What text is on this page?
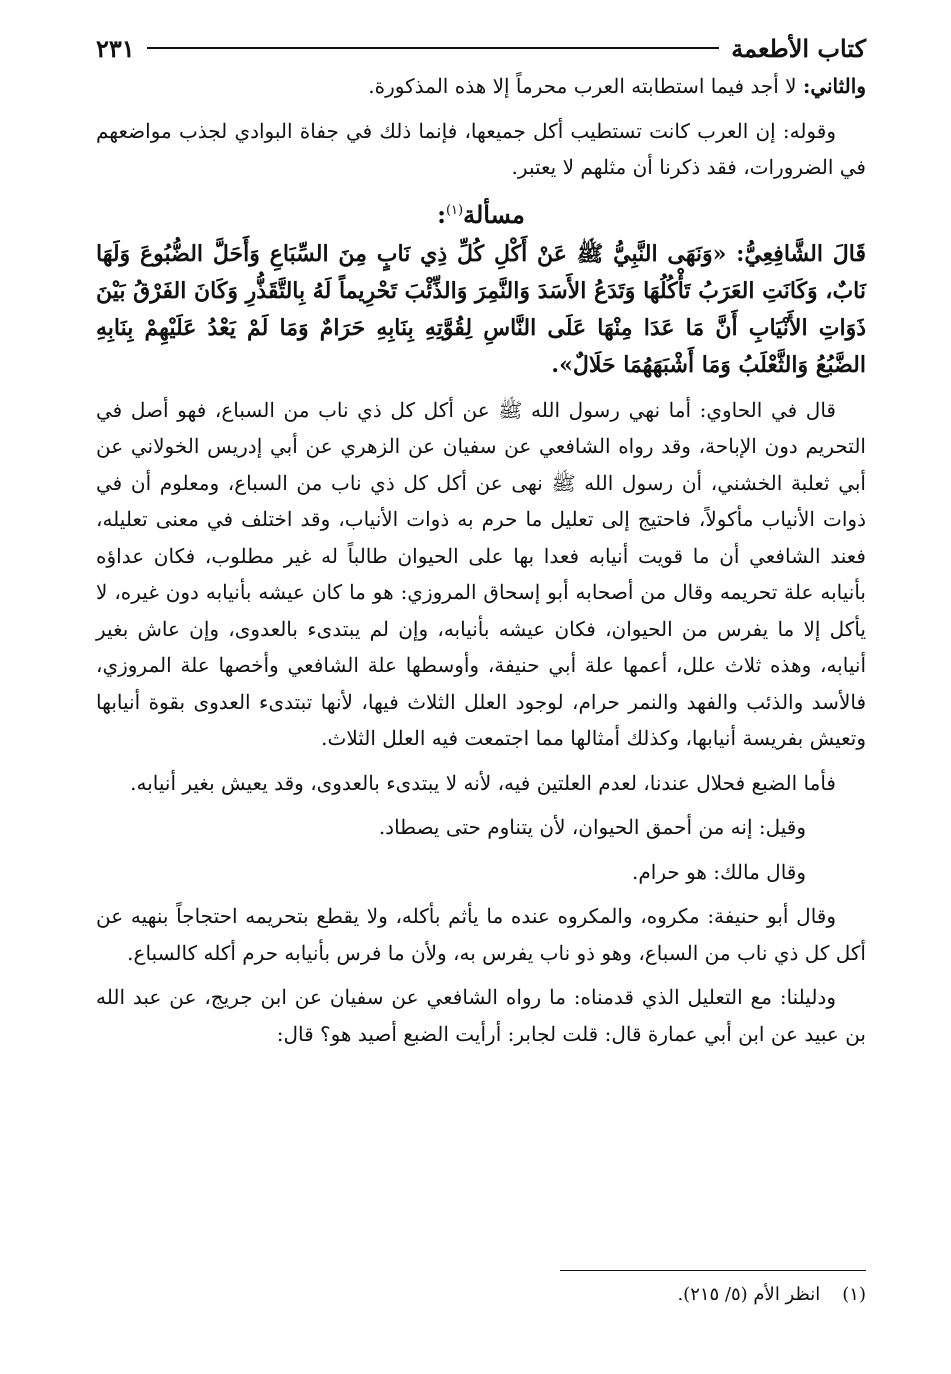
كتاب الأطعمة
٢٣١

والثاني: لا أجد فيما استطابته العرب محرماً إلا هذه المذكورة.

وقوله: إن العرب كانت تستطيب أكل جميعها، فإنما ذلك في جفاة البوادي لجذب مواضعهم في الضرورات، فقد ذكرنا أن مثلهم لا يعتبر.

مسألة$^{(١)}$:

قَالَ الشَّافِعِيُّ: «وَنَهَى النَّبِيُّ ﷺ عَنْ أَكْلِ كُلِّ ذِي نَابٍ مِنَ السِّبَاعِ وَأَحَلَّ الضُّبُوعَ وَلَهَا نَابٌ، وَكَانَتِ العَرَبُ تَأْكُلُهَا وَتَدَعُ الأَسَدَ وَالنَّمِرَ وَالذِّئْبَ تَحْرِيماً لَهُ بِالتَّقَذُّرِ وَكَانَ الفَرْقُ بَيْنَ ذَوَاتِ الأَنْيَابِ أَنَّ مَا عَدَا مِنْهَا عَلَى النَّاسِ لِقُوَّتِهِ بِنَابِهِ حَرَامٌ وَمَا لَمْ يَعْدُ عَلَيْهِمْ بِنَابِهِ الضَّبُعُ وَالثَّعْلَبُ وَمَا أَشْبَهَهُمَا حَلَالٌ».

قال في الحاوي: أما نهي رسول الله ﷺ عن أكل كل ذي ناب من السباع، فهو أصل في التحريم دون الإباحة، وقد رواه الشافعي عن سفيان عن الزهري عن أبي إدريس الخولاني عن أبي ثعلبة الخشني، أن رسول الله ﷺ نهى عن أكل كل ذي ناب من السباع، ومعلوم أن في ذوات الأنياب مأكولاً، فاحتيج إلى تعليل ما حرم به ذوات الأنياب، وقد اختلف في معنى تعليله، فعند الشافعي أن ما قويت أنيابه فعدا بها على الحيوان طالباً له غير مطلوب، فكان عداؤه بأنيابه علة تحريمه وقال من أصحابه أبو إسحاق المروزي: هو ما كان عيشه بأنيابه دون غيره، لا يأكل إلا ما يفرس من الحيوان، فكان عيشه بأنيابه، وإن لم يبتدىء بالعدوى، وإن عاش بغير أنيابه، وهذه ثلاث علل، أعمها علة أبي حنيفة، وأوسطها علة الشافعي وأخصها علة المروزي، فالأسد والذئب والفهد والنمر حرام، لوجود العلل الثلاث فيها، لأنها تبتدىء العدوى بقوة أنيابها وتعيش بفريسة أنيابها، وكذلك أمثالها مما اجتمعت فيه العلل الثلاث.

فأما الضبع فحلال عندنا، لعدم العلتين فيه، لأنه لا يبتدىء بالعدوى، وقد يعيش بغير أنيابه.

وقيل: إنه من أحمق الحيوان، لأن يتناوم حتى يصطاد.

وقال مالك: هو حرام.

وقال أبو حنيفة: مكروه، والمكروه عنده ما يأثم بأكله، ولا يقطع بتحريمه احتجاجاً بنهيه عن أكل كل ذي ناب من السباع، وهو ذو ناب يفرس به، ولأن ما فرس بأنيابه حرم أكله كالسباع.

ودليلنا: مع التعليل الذي قدمناه: ما رواه الشافعي عن سفيان عن ابن جريج، عن عبد الله بن عبيد عن ابن أبي عمارة قال: قلت لجابر: أرأيت الضبع أصيد هو؟ قال:

(١)انظر الأم (٥/ ٢١٥).
